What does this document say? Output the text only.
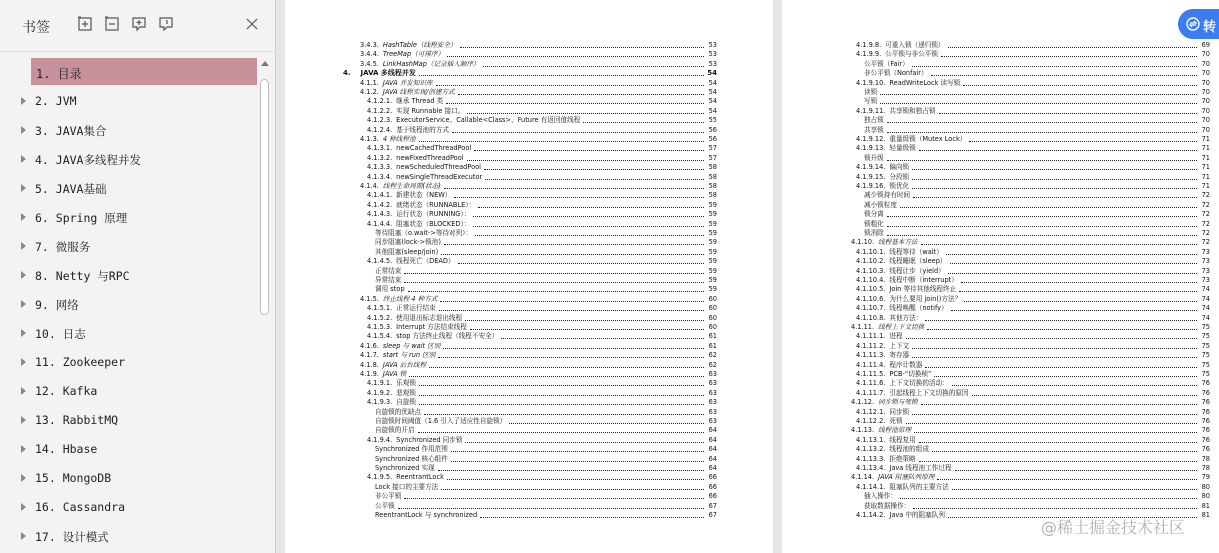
书签
1. 目录
2. JVM
3. JAVA集合
4. JAVA多线程并发
5. JAVA基础
6. Spring 原理
7. 微服务
8. Netty 与RPC
9. 网络
10. 日志
11. Zookeeper
12. Kafka
13. RabbitMQ
14. Hbase
15. MongoDB
16. Cassandra
17. 设计模式
3.4.3. HashTable（线程安全）	53
3.4.4. TreeMap（可排序）	53
3.4.5. LinkHashMap（记录插入顺序）	53
4. JAVA 多线程并发	54
4.1.1. JAVA 并发知识库	54
4.1.2. JAVA 线程实现/创建方式	54
4.1.2.1. 继承 Thread 类	54
4.1.2.2. 实现 Runnable 接口。	54
4.1.2.3. ExecutorService、Callable<Class>、Future 有返回值线程	55
4.1.2.4. 基于线程池的方式	56
4.1.3. 4 种线程池	56
4.1.3.1. newCachedThreadPool	57
4.1.3.2. newFixedThreadPool	57
4.1.3.3. newScheduledThreadPool	58
4.1.3.4. newSingleThreadExecutor	58
4.1.4. 线程生命周期(状态)	58
4.1.4.1. 新建状态（NEW）	58
4.1.4.2. 就绪状态（RUNNABLE）：	59
4.1.4.3. 运行状态（RUNNING）：	59
4.1.4.4. 阻塞状态（BLOCKED）：	59
等待阻塞（o.wait->等待对列）：	59
同步阻塞(lock->锁池)	59
其他阻塞(sleep/join)	59
4.1.4.5. 线程死亡（DEAD）	59
正常结束	59
异常结束	59
调用 stop	59
4.1.5. 终止线程 4 种方式	60
4.1.5.1. 正常运行结束	60
4.1.5.2. 使用退出标志退出线程	60
4.1.5.3. Interrupt 方法结束线程	60
4.1.5.4. stop 方法终止线程（线程不安全）	61
4.1.6. sleep 与 wait 区别	61
4.1.7. start 与 run 区别	62
4.1.8. JAVA 后台线程	62
4.1.9. JAVA 锁	63
4.1.9.1. 乐观锁	63
4.1.9.2. 悲观锁	63
4.1.9.3. 自旋锁	63
自旋锁的优缺点	63
自旋锁时间阈值（1.6 引入了适应性自旋锁）	63
自旋锁的开启	64
4.1.9.4. Synchronized 同步锁	64
Synchronized 作用范围	64
Synchronized 核心组件	64
Synchronized 实现	64
4.1.9.5. ReentrantLock	66
Lock 接口的主要方法	66
非公平锁	66
公平锁	67
ReentrantLock 与 synchronized	67
4.1.9.8. 可重入锁（递归锁）	69
4.1.9.9. 公平锁与非公平锁	70
公平锁（Fair）	70
非公平锁（Nonfair）	70
4.1.9.10. ReadWriteLock 读写锁	70
读锁	70
写锁	70
4.1.9.11. 共享锁和独占锁	70
独占锁	70
共享锁	70
4.1.9.12. 重量级锁（Mutex Lock）	71
4.1.9.13. 轻量级锁	71
锁升级	71
4.1.9.14. 偏向锁	71
4.1.9.15. 分段锁	71
4.1.9.16. 锁优化	71
减少锁持有时间	72
减小锁粒度	72
锁分离	72
锁粗化	72
锁消除	72
4.1.10. 线程基本方法	72
4.1.10.1. 线程等待（wait）	73
4.1.10.2. 线程睡眠（sleep）	73
4.1.10.3. 线程让步（yield）	73
4.1.10.4. 线程中断（interrupt）	73
4.1.10.5. Join 等待其他线程终止	74
4.1.10.6. 为什么要用 join()方法？	74
4.1.10.7. 线程唤醒（notify）	74
4.1.10.8. 其他方法：	74
4.1.11. 线程上下文切换	75
4.1.11.1. 进程	75
4.1.11.2. 上下文	75
4.1.11.3. 寄存器	75
4.1.11.4. 程序计数器	75
4.1.11.5. PCB-“切换桢”	75
4.1.11.6. 上下文切换的活动：	76
4.1.11.7. 引起线程上下文切换的原因	76
4.1.12. 同步锁与死锁	76
4.1.12.1. 同步锁	76
4.1.12.2. 死锁	76
4.1.13. 线程池原理	76
4.1.13.1. 线程复用	76
4.1.13.2. 线程池的组成	76
4.1.13.3. 拒绝策略	78
4.1.13.4. Java 线程池工作过程	78
4.1.14. JAVA 阻塞队列原理	79
4.1.14.1. 阻塞队列的主要方法	80
插入操作：	80
获取数据操作：	81
4.1.14.2. Java 中的阻塞队列	81
转
@稀土掘金技术社区
